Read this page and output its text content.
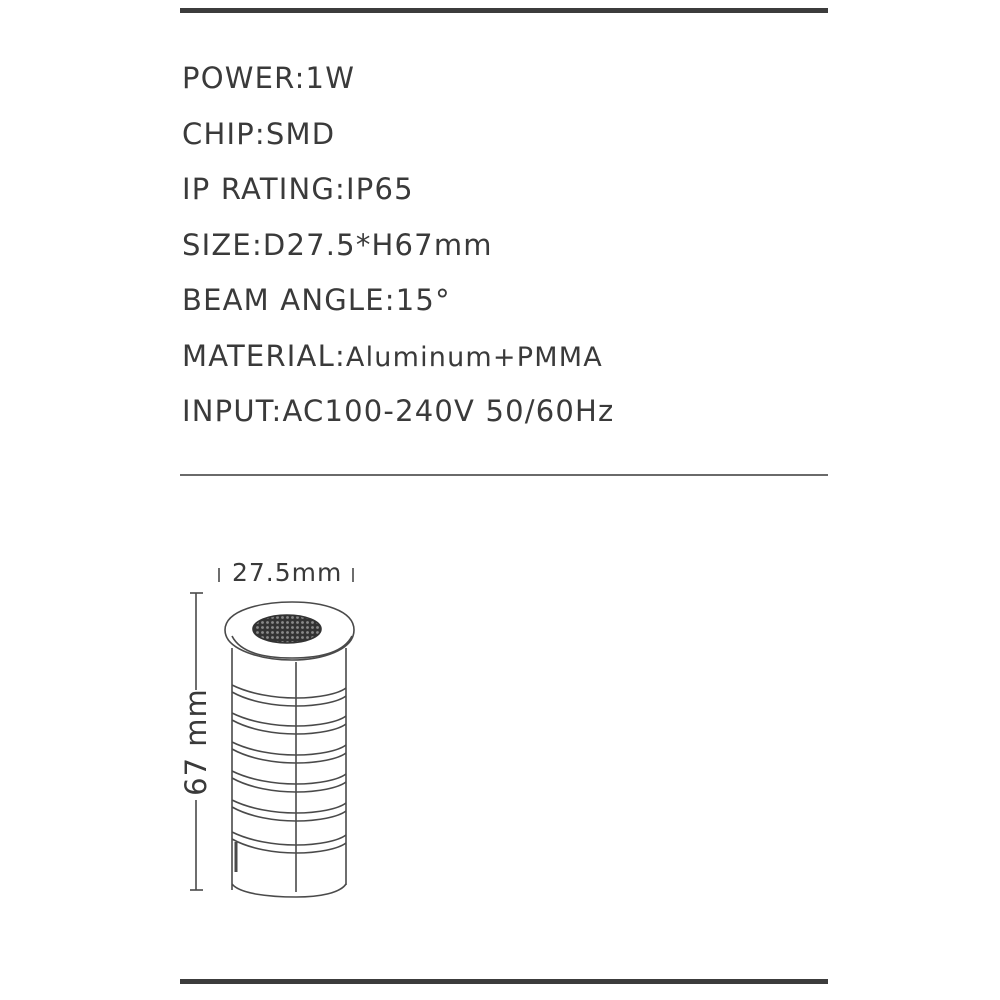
POWER:1W
CHIP:SMD
IP RATING:IP65
SIZE:D27.5*H67mm
BEAM ANGLE:15°
MATERIAL:Aluminum+PMMA
INPUT:AC100-240V 50/60Hz
27.5mm
67 mm
